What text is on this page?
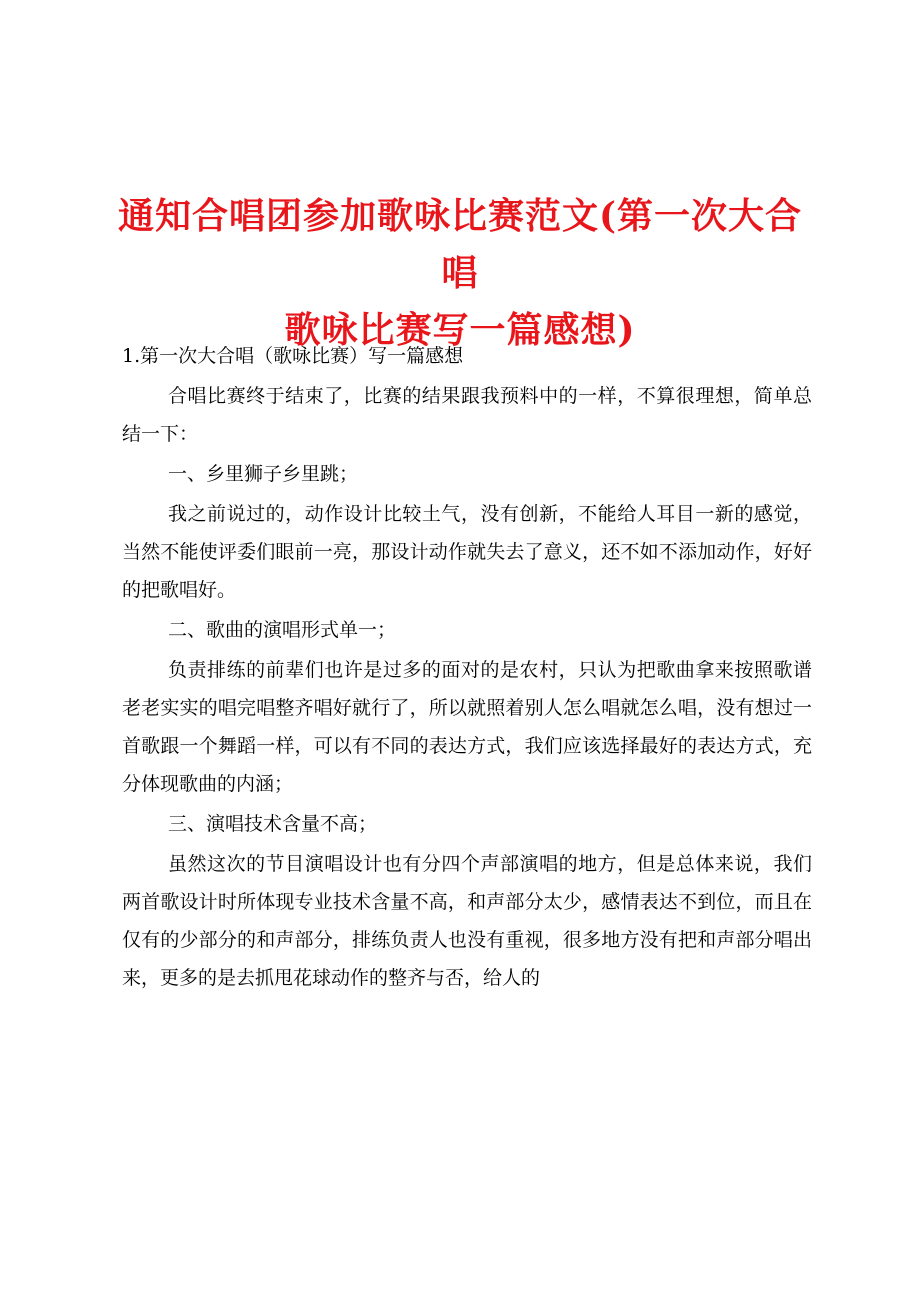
通知合唱团参加歌咏比赛范文(第一次大合唱
歌咏比赛写一篇感想)

1.第一次大合唱（歌咏比赛）写一篇感想

合唱比赛终于结束了，比赛的结果跟我预料中的一样，不算很理想，简单总结一下：

一、乡里狮子乡里跳；

我之前说过的，动作设计比较土气，没有创新，不能给人耳目一新的感觉，当然不能使评委们眼前一亮，那设计动作就失去了意义，还不如不添加动作，好好的把歌唱好。

二、歌曲的演唱形式单一；

负责排练的前辈们也许是过多的面对的是农村，只认为把歌曲拿来按照歌谱老老实实的唱完唱整齐唱好就行了，所以就照着别人怎么唱就怎么唱，没有想过一首歌跟一个舞蹈一样，可以有不同的表达方式，我们应该选择最好的表达方式，充分体现歌曲的内涵；

三、演唱技术含量不高；

虽然这次的节目演唱设计也有分四个声部演唱的地方，但是总体来说，我们两首歌设计时所体现专业技术含量不高，和声部分太少，感情表达不到位，而且在仅有的少部分的和声部分，排练负责人也没有重视，很多地方没有把和声部分唱出来，更多的是去抓甩花球动作的整齐与否，给人的
